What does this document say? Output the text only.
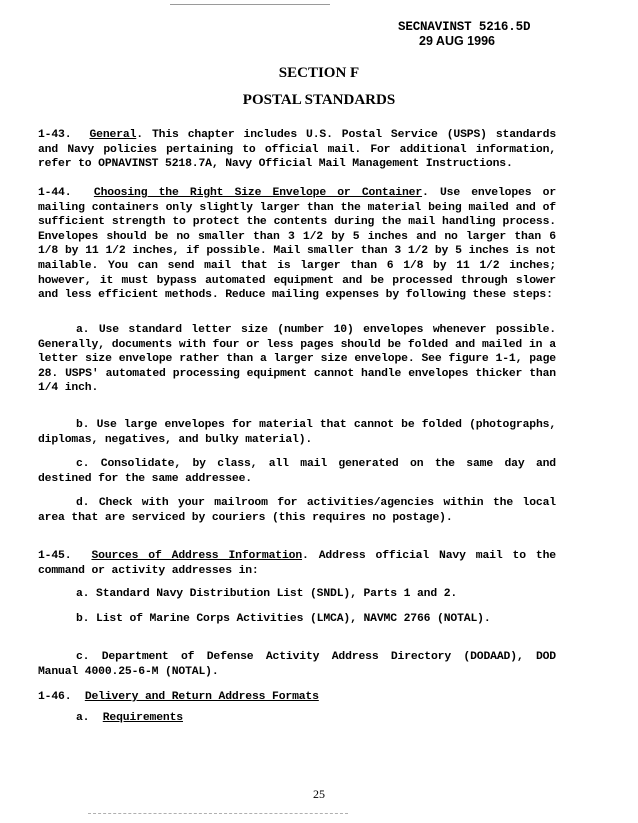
SECNAVINST 5216.5D
29 AUG 1996
SECTION F
POSTAL STANDARDS

1-43. General. This chapter includes U.S. Postal Service (USPS) standards and Navy policies pertaining to official mail. For additional information, refer to OPNAVINST 5218.7A, Navy Official Mail Management Instructions.

1-44. Choosing the Right Size Envelope or Container. Use envelopes or mailing containers only slightly larger than the material being mailed and of sufficient strength to protect the contents during the mail handling process. Envelopes should be no smaller than 3 1/2 by 5 inches and no larger than 6 1/8 by 11 1/2 inches, if possible. Mail smaller than 3 1/2 by 5 inches is not mailable. You can send mail that is larger than 6 1/8 by 11 1/2 inches; however, it must bypass automated equipment and be processed through slower and less efficient methods. Reduce mailing expenses by following these steps:

a. Use standard letter size (number 10) envelopes whenever possible. Generally, documents with four or less pages should be folded and mailed in a letter size envelope rather than a larger size envelope. See figure 1-1, page 28. USPS' automated processing equipment cannot handle envelopes thicker than 1/4 inch.

b. Use large envelopes for material that cannot be folded (photographs, diplomas, negatives, and bulky material).

c. Consolidate, by class, all mail generated on the same day and destined for the same addressee.

d. Check with your mailroom for activities/agencies within the local area that are serviced by couriers (this requires no postage).

1-45. Sources of Address Information. Address official Navy mail to the command or activity addresses in:

a. Standard Navy Distribution List (SNDL), Parts 1 and 2.

b. List of Marine Corps Activities (LMCA), NAVMC 2766 (NOTAL).

c. Department of Defense Activity Address Directory (DODAAD), DOD Manual 4000.25-6-M (NOTAL).

1-46. Delivery and Return Address Formats

a. Requirements

25
